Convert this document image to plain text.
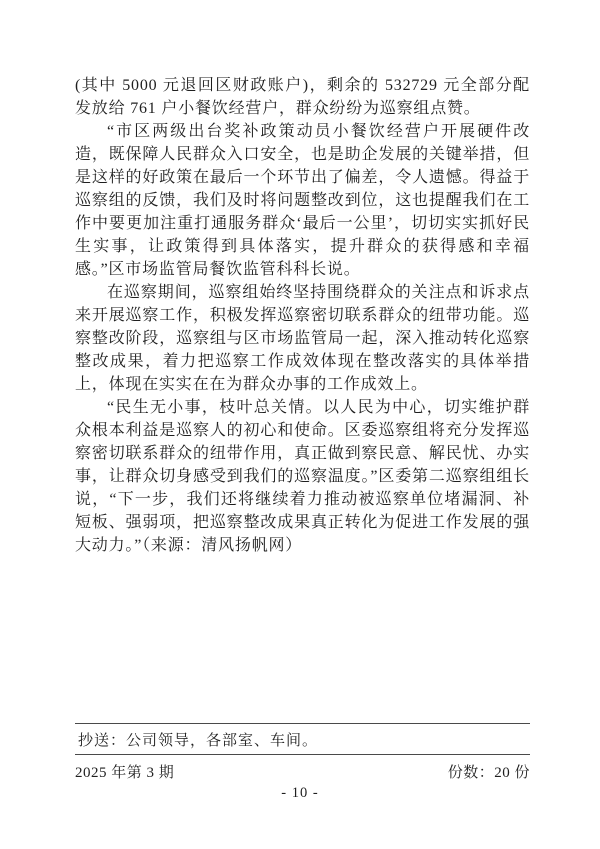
(其中 5000 元退回区财政账户)，剩余的 532729 元全部分配发放给 761 户小餐饮经营户，群众纷纷为巡察组点赞。

“市区两级出台奖补政策动员小餐饮经营户开展硬件改造，既保障人民群众入口安全，也是助企发展的关键举措，但是这样的好政策在最后一个环节出了偏差，令人遗憾。得益于巡察组的反馈，我们及时将问题整改到位，这也提醒我们在工作中要更加注重打通服务群众‘最后一公里’，切切实实抓好民生实事，让政策得到具体落实，提升群众的获得感和幸福感。”区市场监管局餐饮监管科科长说。

在巡察期间，巡察组始终坚持围绕群众的关注点和诉求点来开展巡察工作，积极发挥巡察密切联系群众的纽带功能。巡察整改阶段，巡察组与区市场监管局一起，深入推动转化巡察整改成果，着力把巡察工作成效体现在整改落实的具体举措上，体现在实实在在为群众办事的工作成效上。

“民生无小事，枝叶总关情。以人民为中心，切实维护群众根本利益是巡察人的初心和使命。区委巡察组将充分发挥巡察密切联系群众的纽带作用，真正做到察民意、解民忧、办实事，让群众切身感受到我们的巡察温度。”区委第二巡察组组长说，“下一步，我们还将继续着力推动被巡察单位堵漏洞、补短板、强弱项，把巡察整改成果真正转化为促进工作发展的强大动力。”（来源：清风扬帆网）

抄送：公司领导，各部室、车间。
2025 年第 3 期	份数：20 份
- 10 -
